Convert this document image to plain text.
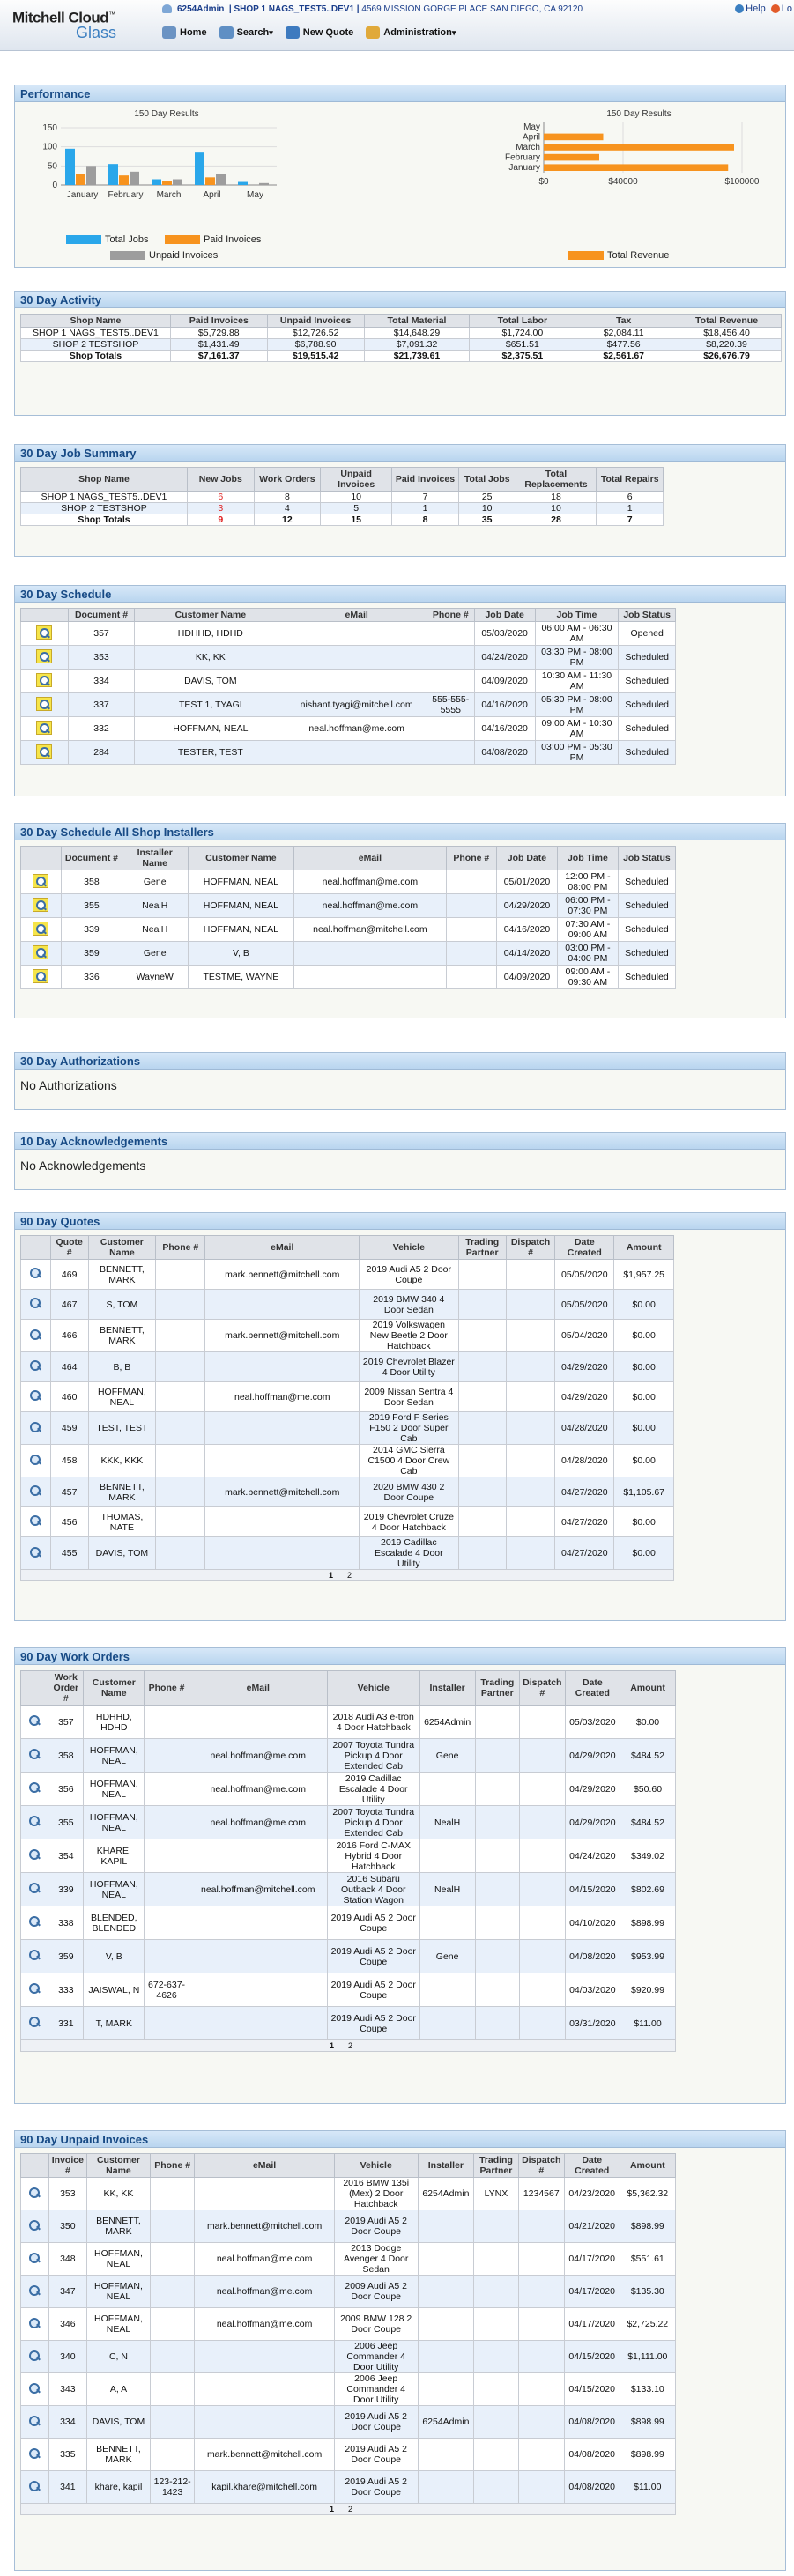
Mitchell Cloud™
Glass
6254Admin | SHOP 1 NAGS_TEST5..DEV1 | 4569 MISSION GORGE PLACE SAN DIEGO, CA 92120
Home	Search▾	New Quote	Administration▾
Help Lo
Performance
150 Day Results
0
50
100
150
January February March	April	May
150 Day Results
$0	$40000	$100000
May
April
March
February
January
Total Jobs	Paid Invoices
Unpaid Invoices	Total Revenue
30 Day Activity
Shop Name	Paid Invoices	Unpaid Invoices	Total Material	Total Labor	Tax	Total Revenue
SHOP 1 NAGS_TEST5..DEV1	$5,729.88	$12,726.52	$14,648.29	$1,724.00	$2,084.11	$18,456.40
SHOP 2 TESTSHOP	$1,431.49	$6,788.90	$7,091.32	$651.51	$477.56	$8,220.39
Shop Totals	$7,161.37	$19,515.42	$21,739.61	$2,375.51	$2,561.67	$26,676.79
30 Day Job Summary
Shop Name	New Jobs	Work Orders	Unpaid Invoices	Paid Invoices	Total Jobs	Total Replacements	Total Repairs
SHOP 1 NAGS_TEST5..DEV1	6	8	10	7	25	18	6
SHOP 2 TESTSHOP	3	4	5	1	10	10	1
Shop Totals	9	12	15	8	35	28	7
30 Day Schedule
	Document #	Customer Name	eMail	Phone #	Job Date	Job Time	Job Status
	357	HDHHD, HDHD			05/03/2020	06:00 AM - 06:30 AM	Opened
	353	KK, KK			04/24/2020	03:30 PM - 08:00 PM	Scheduled
	334	DAVIS, TOM			04/09/2020	10:30 AM - 11:30 AM	Scheduled
	337	TEST 1, TYAGI	nishant.tyagi@mitchell.com	555-555-5555	04/16/2020	05:30 PM - 08:00 PM	Scheduled
	332	HOFFMAN, NEAL	neal.hoffman@me.com		04/16/2020	09:00 AM - 10:30 AM	Scheduled
	284	TESTER, TEST			04/08/2020	03:00 PM - 05:30 PM	Scheduled
30 Day Schedule All Shop Installers
	Document #	Installer Name	Customer Name	eMail	Phone #	Job Date	Job Time	Job Status
	358	Gene	HOFFMAN, NEAL	neal.hoffman@me.com		05/01/2020	12:00 PM - 08:00 PM	Scheduled
	355	NealH	HOFFMAN, NEAL	neal.hoffman@me.com		04/29/2020	06:00 PM - 07:30 PM	Scheduled
	339	NealH	HOFFMAN, NEAL	neal.hoffman@mitchell.com		04/16/2020	07:30 AM - 09:00 AM	Scheduled
	359	Gene	V, B			04/14/2020	03:00 PM - 04:00 PM	Scheduled
	336	WayneW	TESTME, WAYNE			04/09/2020	09:00 AM - 09:30 AM	Scheduled
30 Day Authorizations
No Authorizations
10 Day Acknowledgements
No Acknowledgements
90 Day Quotes
	Quote #	Customer Name	Phone #	eMail	Vehicle	Trading Partner	Dispatch #	Date Created	Amount
	469	BENNETT, MARK		mark.bennett@mitchell.com	2019 Audi A5 2 Door Coupe			05/05/2020	$1,957.25
	467	S, TOM			2019 BMW 340 4 Door Sedan			05/05/2020	$0.00
	466	BENNETT, MARK		mark.bennett@mitchell.com	2019 Volkswagen New Beetle 2 Door Hatchback			05/04/2020	$0.00
	464	B, B			2019 Chevrolet Blazer 4 Door Utility			04/29/2020	$0.00
	460	HOFFMAN, NEAL		neal.hoffman@me.com	2009 Nissan Sentra 4 Door Sedan			04/29/2020	$0.00
	459	TEST, TEST			2019 Ford F Series F150 2 Door Super Cab			04/28/2020	$0.00
	458	KKK, KKK			2014 GMC Sierra C1500 4 Door Crew Cab			04/28/2020	$0.00
	457	BENNETT, MARK		mark.bennett@mitchell.com	2020 BMW 430 2 Door Coupe			04/27/2020	$1,105.67
	456	THOMAS, NATE			2019 Chevrolet Cruze 4 Door Hatchback			04/27/2020	$0.00
	455	DAVIS, TOM			2019 Cadillac Escalade 4 Door Utility			04/27/2020	$0.00
1 2									
90 Day Work Orders
	Work Order #	Customer Name	Phone #	eMail	Vehicle	Installer	Trading Partner	Dispatch #	Date Created	Amount
	357	HDHHD, HDHD			2018 Audi A3 e-tron 4 Door Hatchback	6254Admin			05/03/2020	$0.00
	358	HOFFMAN, NEAL		neal.hoffman@me.com	2007 Toyota Tundra Pickup 4 Door Extended Cab	Gene			04/29/2020	$484.52
	356	HOFFMAN, NEAL		neal.hoffman@me.com	2019 Cadillac Escalade 4 Door Utility				04/29/2020	$50.60
	355	HOFFMAN, NEAL		neal.hoffman@me.com	2007 Toyota Tundra Pickup 4 Door Extended Cab	NealH			04/29/2020	$484.52
	354	KHARE, KAPIL			2016 Ford C-MAX Hybrid 4 Door Hatchback				04/24/2020	$349.02
	339	HOFFMAN, NEAL		neal.hoffman@mitchell.com	2016 Subaru Outback 4 Door Station Wagon	NealH			04/15/2020	$802.69
	338	BLENDED, BLENDED			2019 Audi A5 2 Door Coupe				04/10/2020	$898.99
	359	V, B			2019 Audi A5 2 Door Coupe	Gene			04/08/2020	$953.99
	333	JAISWAL, N	672-637-4626		2019 Audi A5 2 Door Coupe				04/03/2020	$920.99
	331	T, MARK			2019 Audi A5 2 Door Coupe				03/31/2020	$11.00
1 2										
90 Day Unpaid Invoices
	Invoice #	Customer Name	Phone #	eMail	Vehicle	Installer	Trading Partner	Dispatch #	Date Created	Amount
	353	KK, KK			2016 BMW 135i (Mex) 2 Door Hatchback	6254Admin	LYNX	1234567	04/23/2020	$5,362.32
	350	BENNETT, MARK		mark.bennett@mitchell.com	2019 Audi A5 2 Door Coupe				04/21/2020	$898.99
	348	HOFFMAN, NEAL		neal.hoffman@me.com	2013 Dodge Avenger 4 Door Sedan				04/17/2020	$551.61
	347	HOFFMAN, NEAL		neal.hoffman@me.com	2009 Audi A5 2 Door Coupe				04/17/2020	$135.30
	346	HOFFMAN, NEAL		neal.hoffman@me.com	2009 BMW 128 2 Door Coupe				04/17/2020	$2,725.22
	340	C, N			2006 Jeep Commander 4 Door Utility				04/15/2020	$1,111.00
	343	A, A			2006 Jeep Commander 4 Door Utility				04/15/2020	$133.10
	334	DAVIS, TOM			2019 Audi A5 2 Door Coupe	6254Admin			04/08/2020	$898.99
	335	BENNETT, MARK		mark.bennett@mitchell.com	2019 Audi A5 2 Door Coupe				04/08/2020	$898.99
	341	khare, kapil	123-212-1423	kapil.khare@mitchell.com	2019 Audi A5 2 Door Coupe				04/08/2020	$11.00
1 2										
